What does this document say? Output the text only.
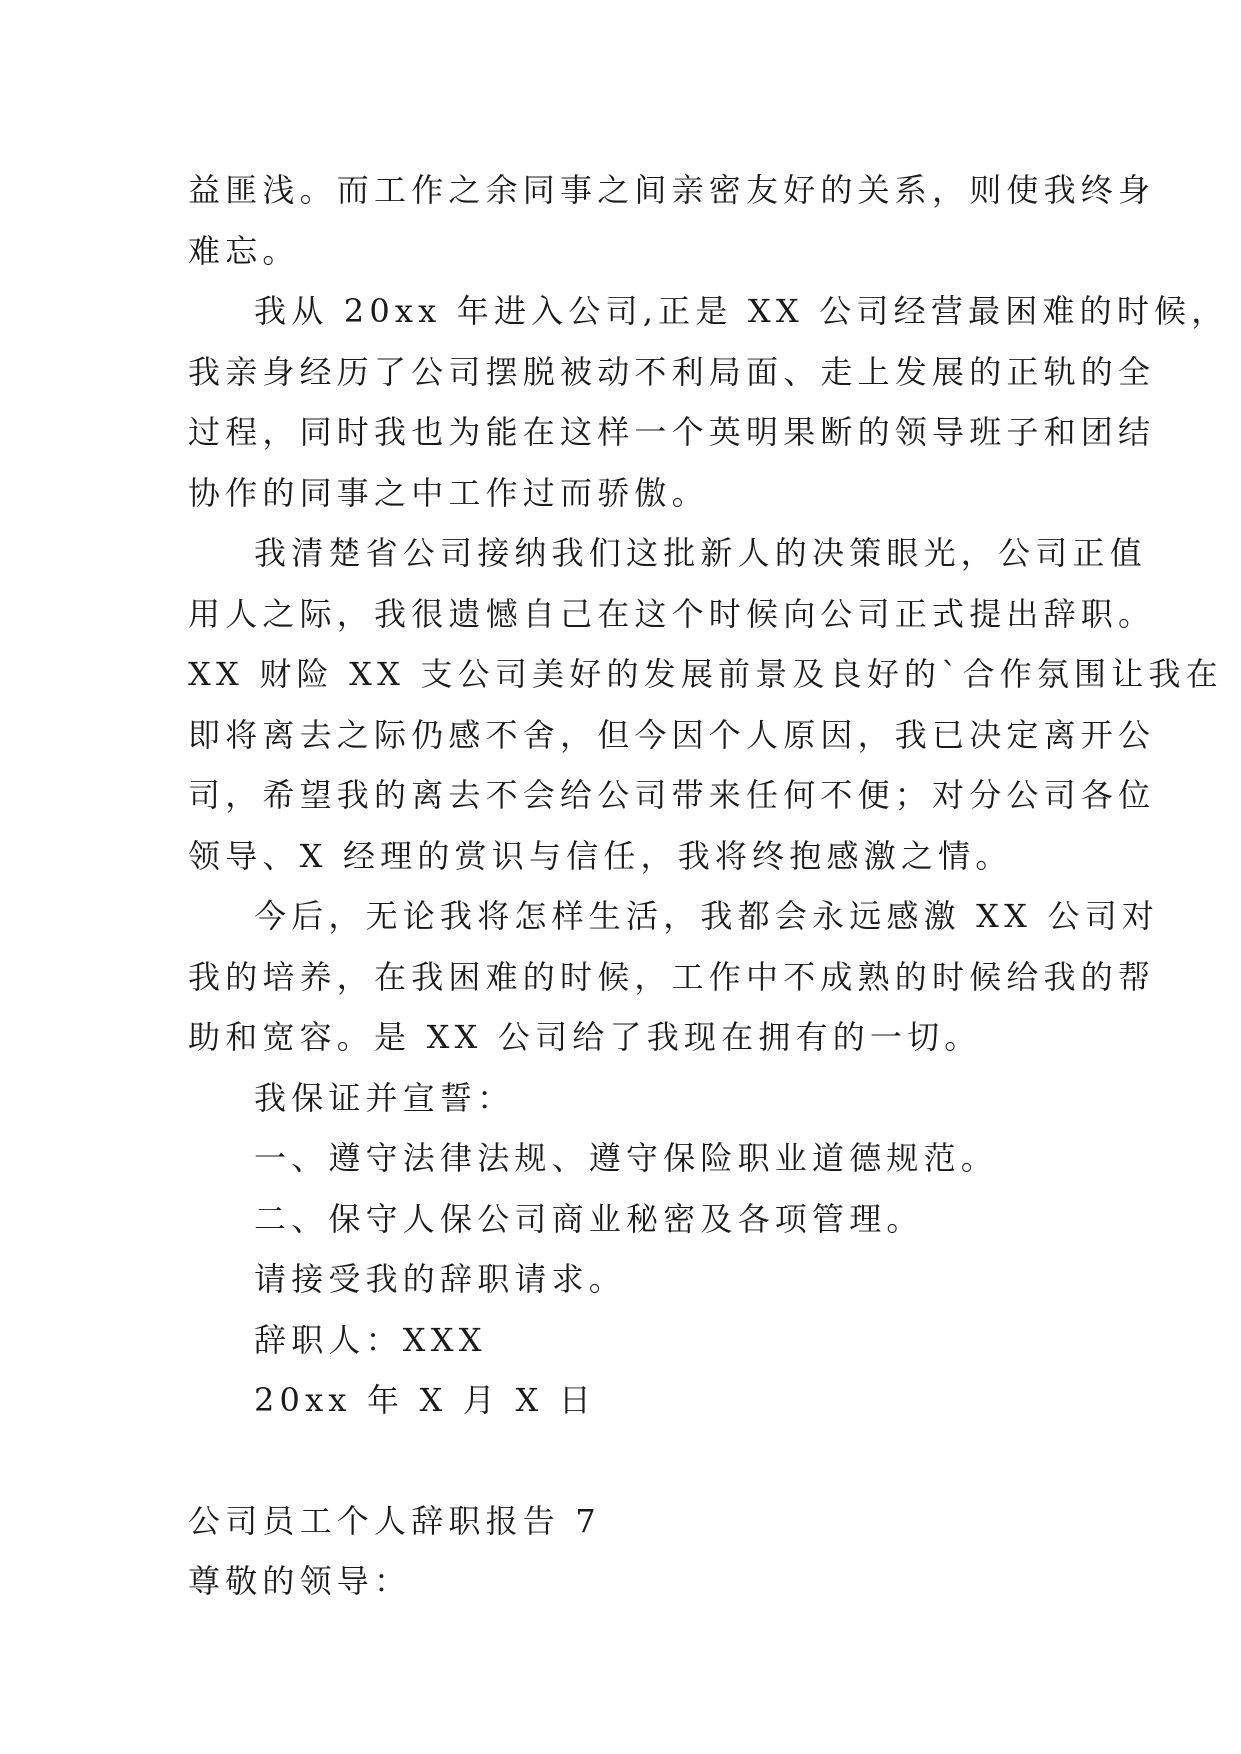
益匪浅。而工作之余同事之间亲密友好的关系，则使我终身
难忘。
我从 20xx 年进入公司,正是 XX 公司经营最困难的时候，
我亲身经历了公司摆脱被动不利局面、走上发展的正轨的全
过程，同时我也为能在这样一个英明果断的领导班子和团结
协作的同事之中工作过而骄傲。
我清楚省公司接纳我们这批新人的决策眼光，公司正值
用人之际，我很遗憾自己在这个时候向公司正式提出辞职。
XX 财险 XX 支公司美好的发展前景及良好的`合作氛围让我在
即将离去之际仍感不舍，但今因个人原因，我已决定离开公
司，希望我的离去不会给公司带来任何不便；对分公司各位
领导、X 经理的赏识与信任，我将终抱感激之情。
今后，无论我将怎样生活，我都会永远感激 XX 公司对
我的培养，在我困难的时候，工作中不成熟的时候给我的帮
助和宽容。是 XX 公司给了我现在拥有的一切。
我保证并宣誓：
一、遵守法律法规、遵守保险职业道德规范。
二、保守人保公司商业秘密及各项管理。
请接受我的辞职请求。
辞职人：XXX
20xx 年 X 月 X 日
公司员工个人辞职报告 7
尊敬的领导：
